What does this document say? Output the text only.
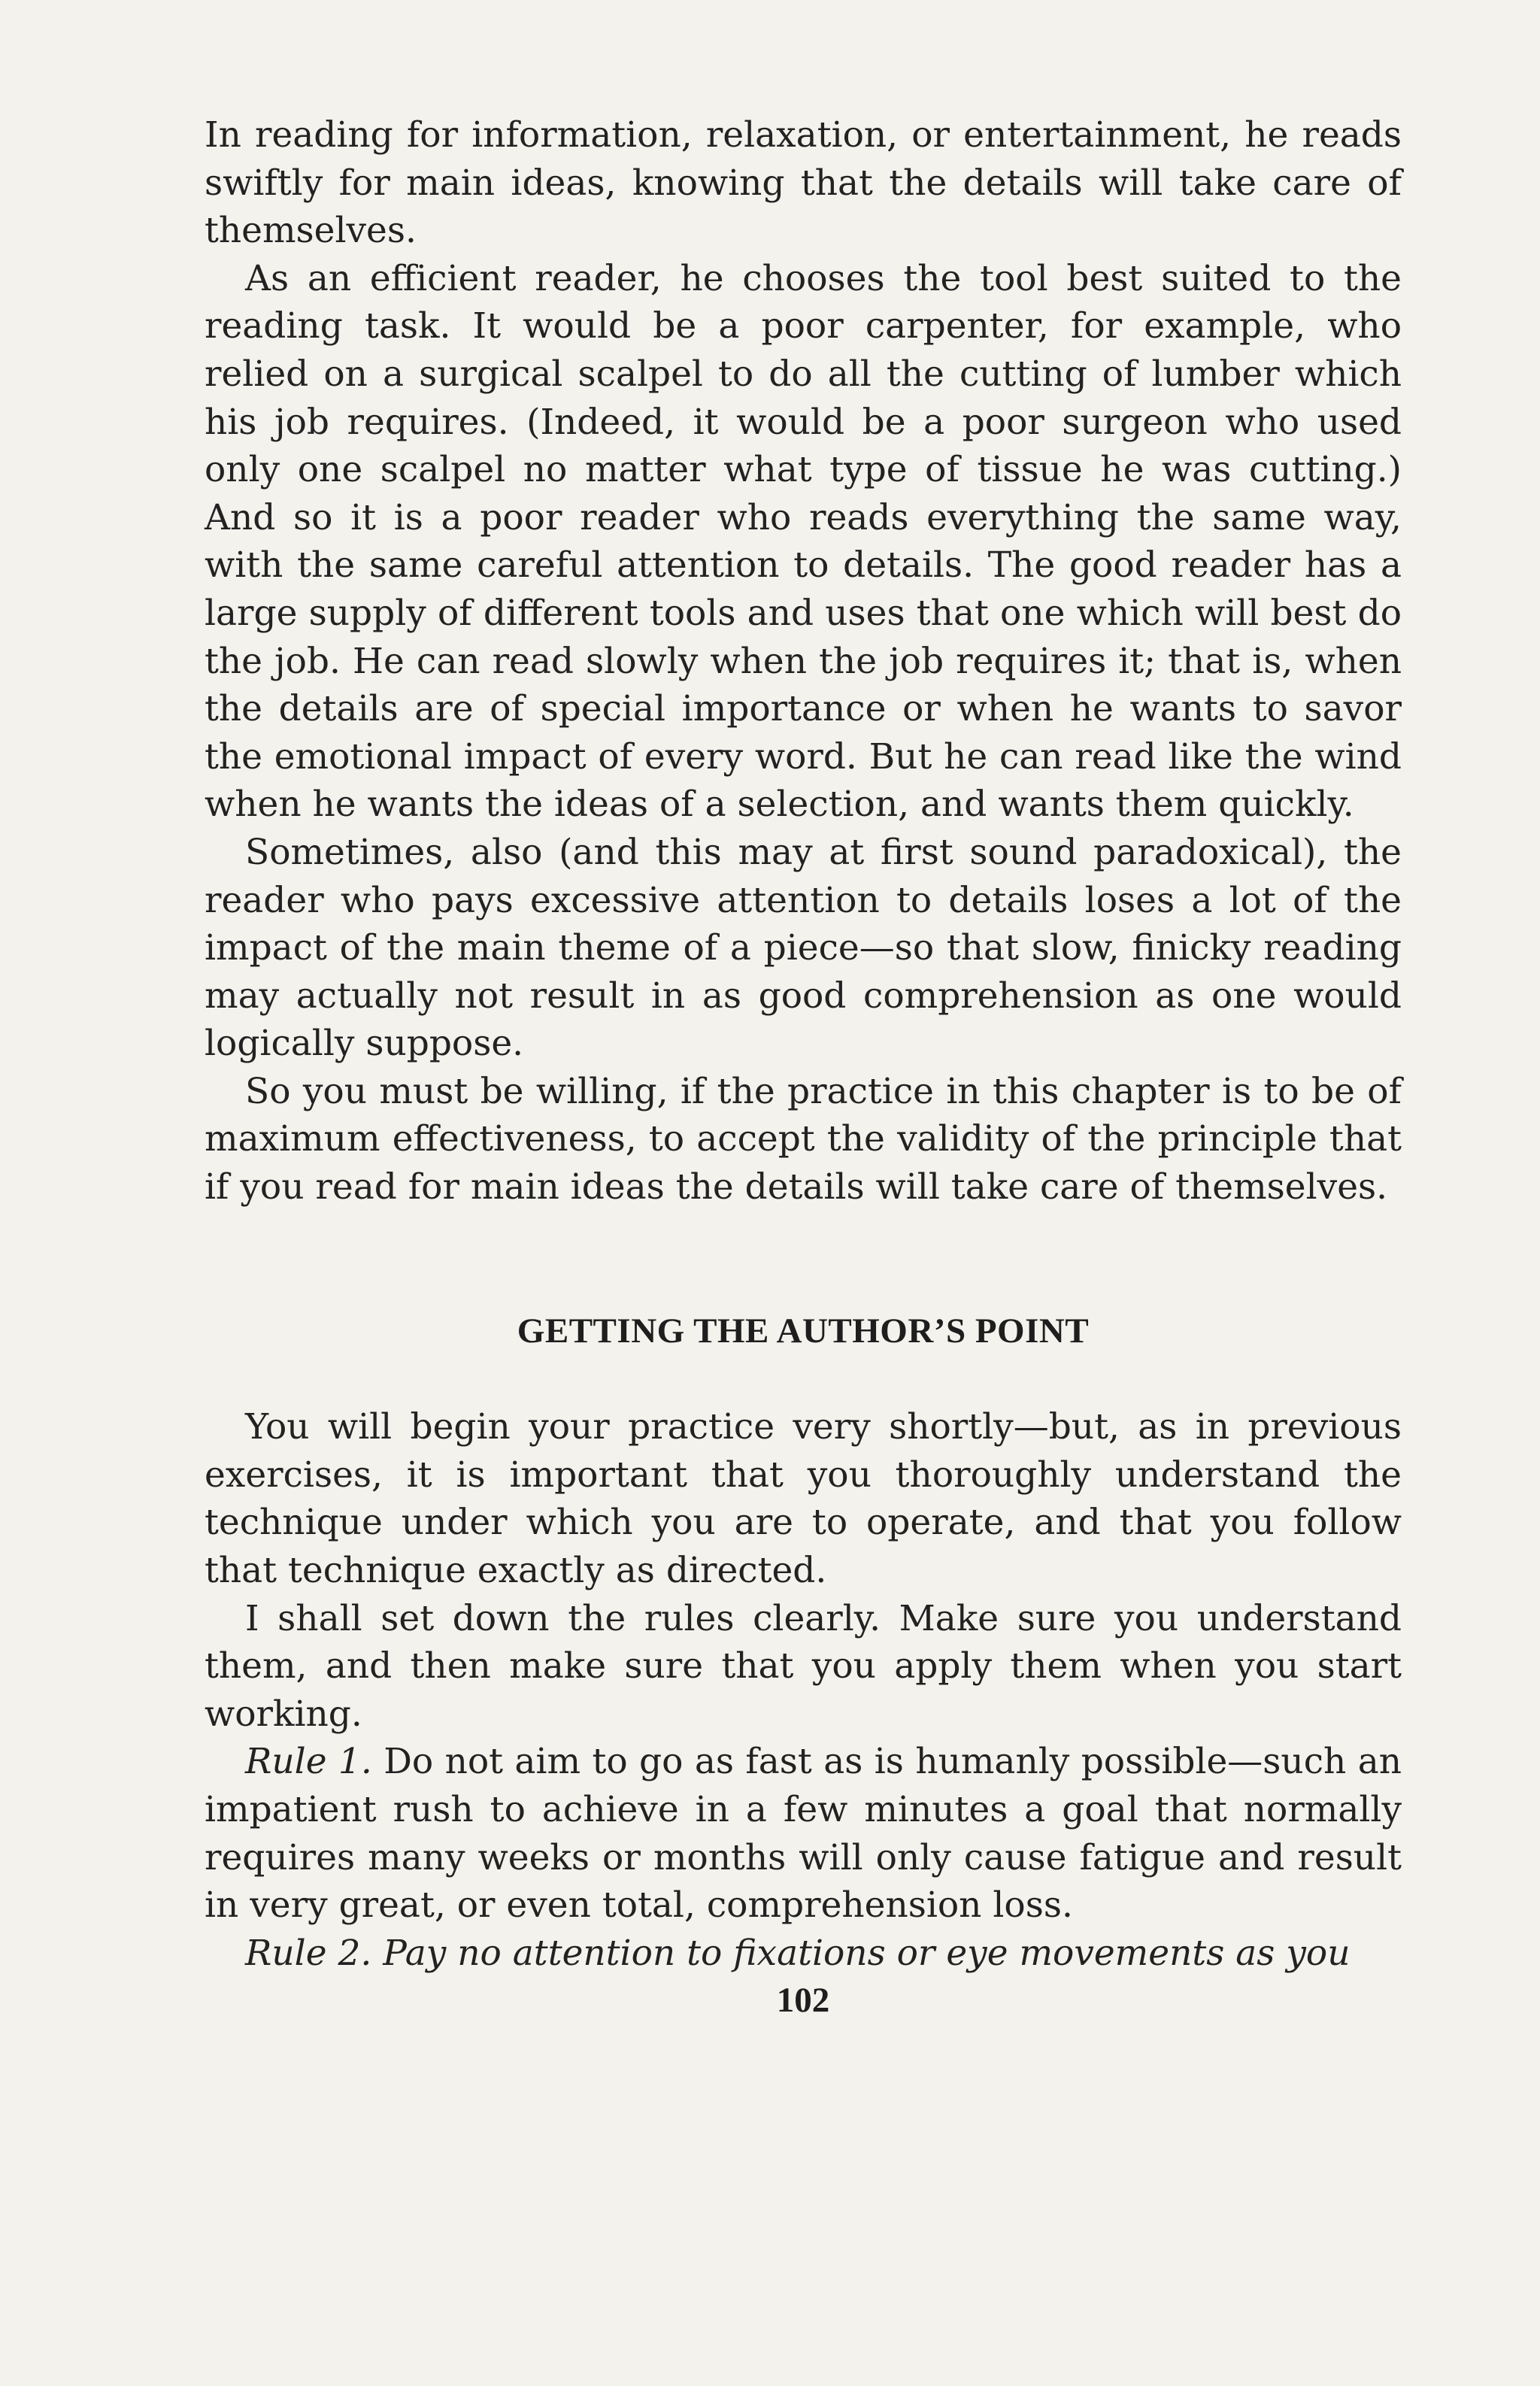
In reading for information, relaxation, or entertainment, he reads swiftly for main ideas, knowing that the details will take care of themselves.

As an efficient reader, he chooses the tool best suited to the reading task. It would be a poor carpenter, for example, who relied on a surgical scalpel to do all the cutting of lumber which his job requires. (Indeed, it would be a poor surgeon who used only one scalpel no matter what type of tissue he was cutting.) And so it is a poor reader who reads everything the same way, with the same careful attention to details. The good reader has a large supply of different tools and uses that one which will best do the job. He can read slowly when the job requires it; that is, when the details are of special importance or when he wants to savor the emotional impact of every word. But he can read like the wind when he wants the ideas of a selection, and wants them quickly.

Sometimes, also (and this may at first sound paradoxical), the reader who pays excessive attention to details loses a lot of the impact of the main theme of a piece—so that slow, finicky reading may actually not result in as good comprehension as one would logically suppose.

So you must be willing, if the practice in this chapter is to be of maximum effectiveness, to accept the validity of the principle that if you read for main ideas the details will take care of themselves.

GETTING THE AUTHOR’S POINT

You will begin your practice very shortly—but, as in previous exercises, it is important that you thoroughly understand the technique under which you are to operate, and that you follow that technique exactly as directed.

I shall set down the rules clearly. Make sure you understand them, and then make sure that you apply them when you start working.

Rule 1. Do not aim to go as fast as is humanly possible—such an impatient rush to achieve in a few minutes a goal that normally requires many weeks or months will only cause fatigue and result in very great, or even total, comprehension loss.

Rule 2. Pay no attention to fixations or eye movements as you

102
